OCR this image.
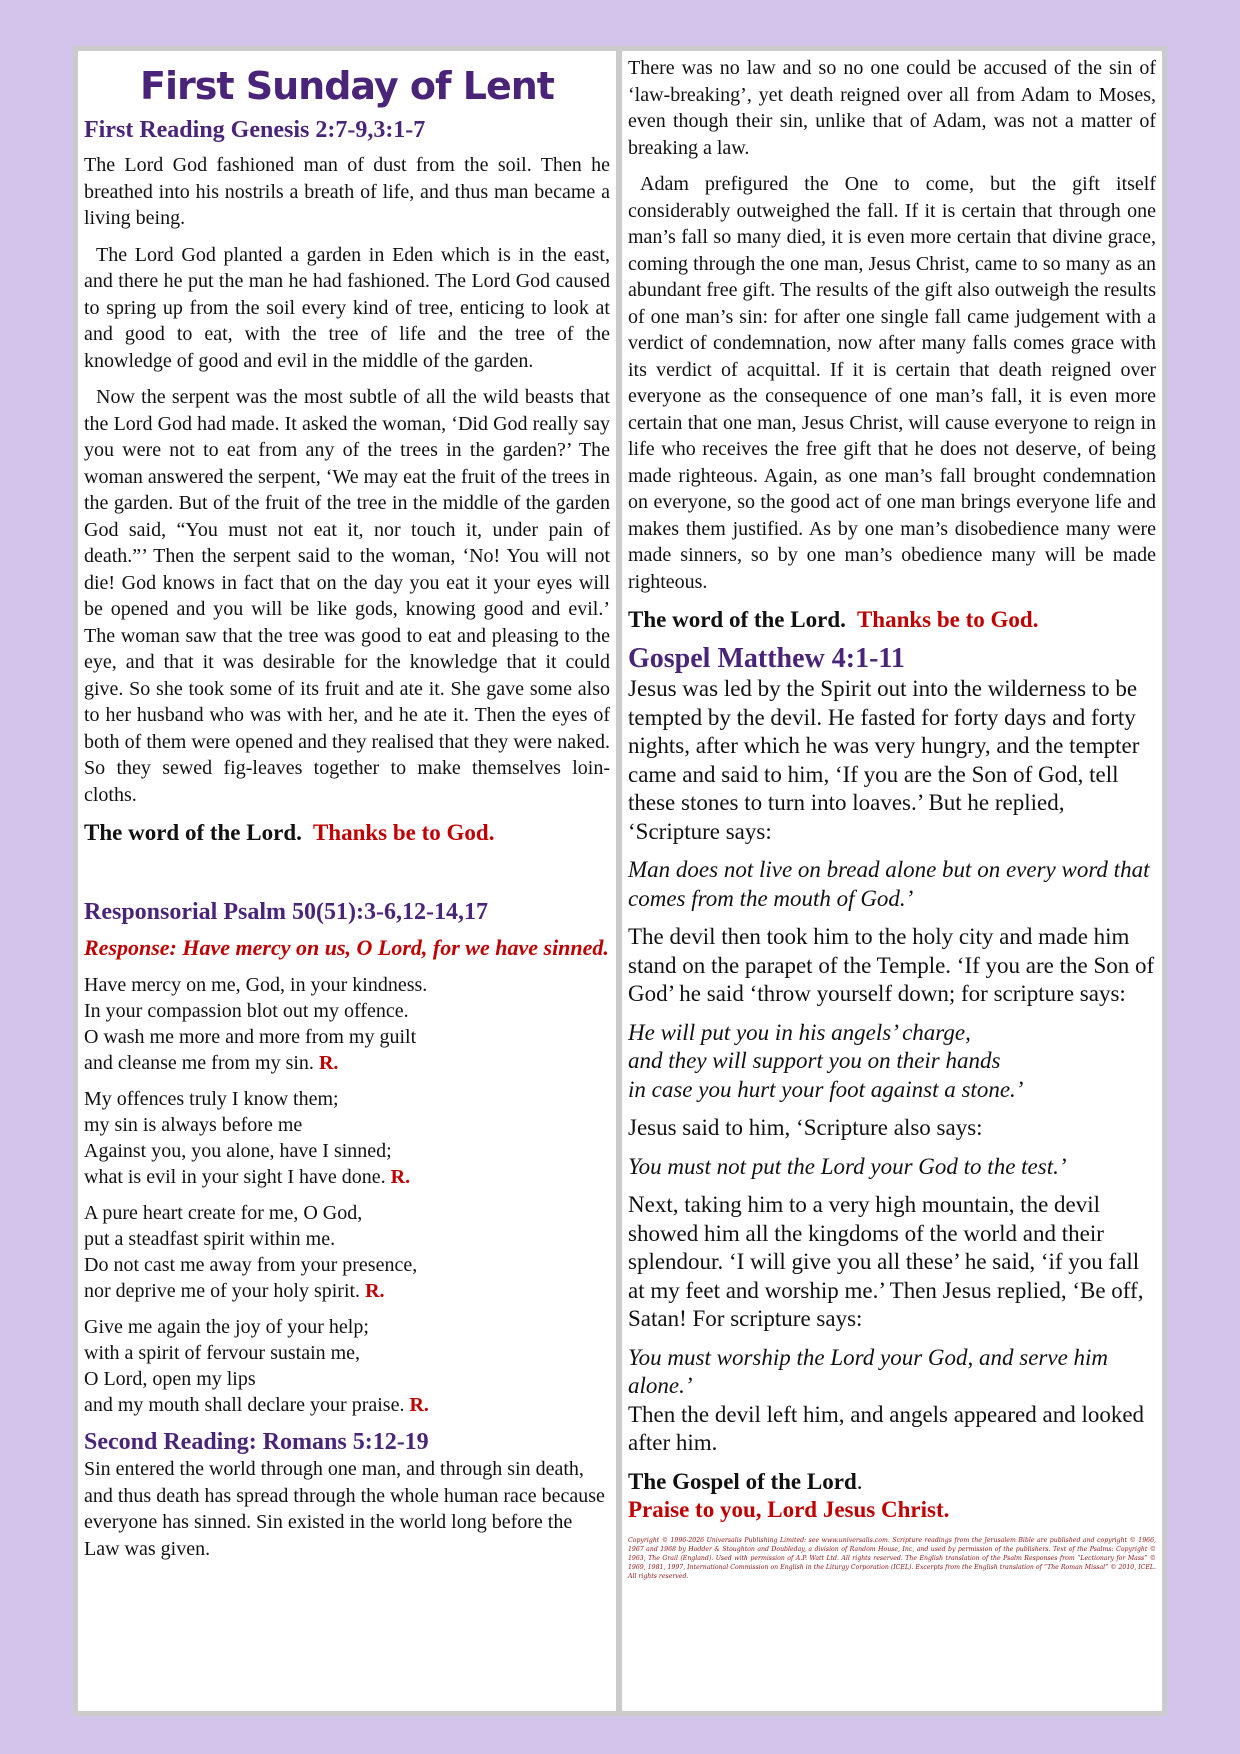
First Sunday of Lent
First Reading Genesis 2:7-9,3:1-7
The Lord God fashioned man of dust from the soil. Then he breathed into his nostrils a breath of life, and thus man became a living being.
The Lord God planted a garden in Eden which is in the east, and there he put the man he had fashioned. The Lord God caused to spring up from the soil every kind of tree, enticing to look at and good to eat, with the tree of life and the tree of the knowledge of good and evil in the middle of the garden.
Now the serpent was the most subtle of all the wild beasts that the Lord God had made. It asked the woman, ‘Did God really say you were not to eat from any of the trees in the garden?’ The woman answered the serpent, ‘We may eat the fruit of the trees in the garden. But of the fruit of the tree in the middle of the garden God said, “You must not eat it, nor touch it, under pain of death.”’ Then the serpent said to the woman, ‘No! You will not die! God knows in fact that on the day you eat it your eyes will be opened and you will be like gods, knowing good and evil.’ The woman saw that the tree was good to eat and pleasing to the eye, and that it was desirable for the knowledge that it could give. So she took some of its fruit and ate it. She gave some also to her husband who was with her, and he ate it. Then the eyes of both of them were opened and they realised that they were naked. So they sewed fig-leaves together to make themselves loin-cloths.
The word of the Lord. Thanks be to God.
Responsorial Psalm 50(51):3-6,12-14,17
Response: Have mercy on us, O Lord, for we have sinned.
Have mercy on me, God, in your kindness.
In your compassion blot out my offence.
O wash me more and more from my guilt
and cleanse me from my sin. R.
My offences truly I know them;
my sin is always before me
Against you, you alone, have I sinned;
what is evil in your sight I have done. R.
A pure heart create for me, O God,
put a steadfast spirit within me.
Do not cast me away from your presence,
nor deprive me of your holy spirit. R.
Give me again the joy of your help;
with a spirit of fervour sustain me,
O Lord, open my lips
and my mouth shall declare your praise. R.
Second Reading: Romans 5:12-19
Sin entered the world through one man, and through sin death, and thus death has spread through the whole human race because everyone has sinned. Sin existed in the world long before the Law was given.
There was no law and so no one could be accused of the sin of ‘law-breaking’, yet death reigned over all from Adam to Moses, even though their sin, unlike that of Adam, was not a matter of breaking a law.
Adam prefigured the One to come, but the gift itself considerably outweighed the fall. If it is certain that through one man’s fall so many died, it is even more certain that divine grace, coming through the one man, Jesus Christ, came to so many as an abundant free gift. The results of the gift also outweigh the results of one man’s sin: for after one single fall came judgement with a verdict of condemnation, now after many falls comes grace with its verdict of acquittal. If it is certain that death reigned over everyone as the consequence of one man’s fall, it is even more certain that one man, Jesus Christ, will cause everyone to reign in life who receives the free gift that he does not deserve, of being made righteous. Again, as one man’s fall brought condemnation on everyone, so the good act of one man brings everyone life and makes them justified. As by one man’s disobedience many were made sinners, so by one man’s obedience many will be made righteous.
The word of the Lord. Thanks be to God.
Gospel Matthew 4:1-11
Jesus was led by the Spirit out into the wilderness to be tempted by the devil. He fasted for forty days and forty nights, after which he was very hungry, and the tempter came and said to him, ‘If you are the Son of God, tell these stones to turn into loaves.’ But he replied, ‘Scripture says:
Man does not live on bread alone but on every word that comes from the mouth of God.’
The devil then took him to the holy city and made him stand on the parapet of the Temple. ‘If you are the Son of God’ he said ‘throw yourself down; for scripture says:
He will put you in his angels’ charge,
and they will support you on their hands
in case you hurt your foot against a stone.’
Jesus said to him, ‘Scripture also says:
You must not put the Lord your God to the test.’
Next, taking him to a very high mountain, the devil showed him all the kingdoms of the world and their splendour. ‘I will give you all these’ he said, ‘if you fall at my feet and worship me.’ Then Jesus replied, ‘Be off, Satan! For scripture says:
You must worship the Lord your God, and serve him alone.’
Then the devil left him, and angels appeared and looked after him.
The Gospel of the Lord.
Praise to you, Lord Jesus Christ.
Copyright © 1996-2026 Universalis Publishing Limited: see www.universalis.com. Scripture readings from the Jerusalem Bible are published and copyright © 1966, 1967 and 1968 by Hodder & Stoughton and Doubleday, a division of Random House, Inc, and used by permission of the publishers. Text of the Psalms: Copyright © 1963, The Grail (England). Used with permission of A.P. Watt Ltd. All rights reserved. The English translation of the Psalm Responses from “Lectionary for Mass” © 1969, 1981, 1997, International Commission on English in the Liturgy Corporation (ICEL). Excerpts from the English translation of “The Roman Missal” © 2010, ICEL. All rights reserved.
